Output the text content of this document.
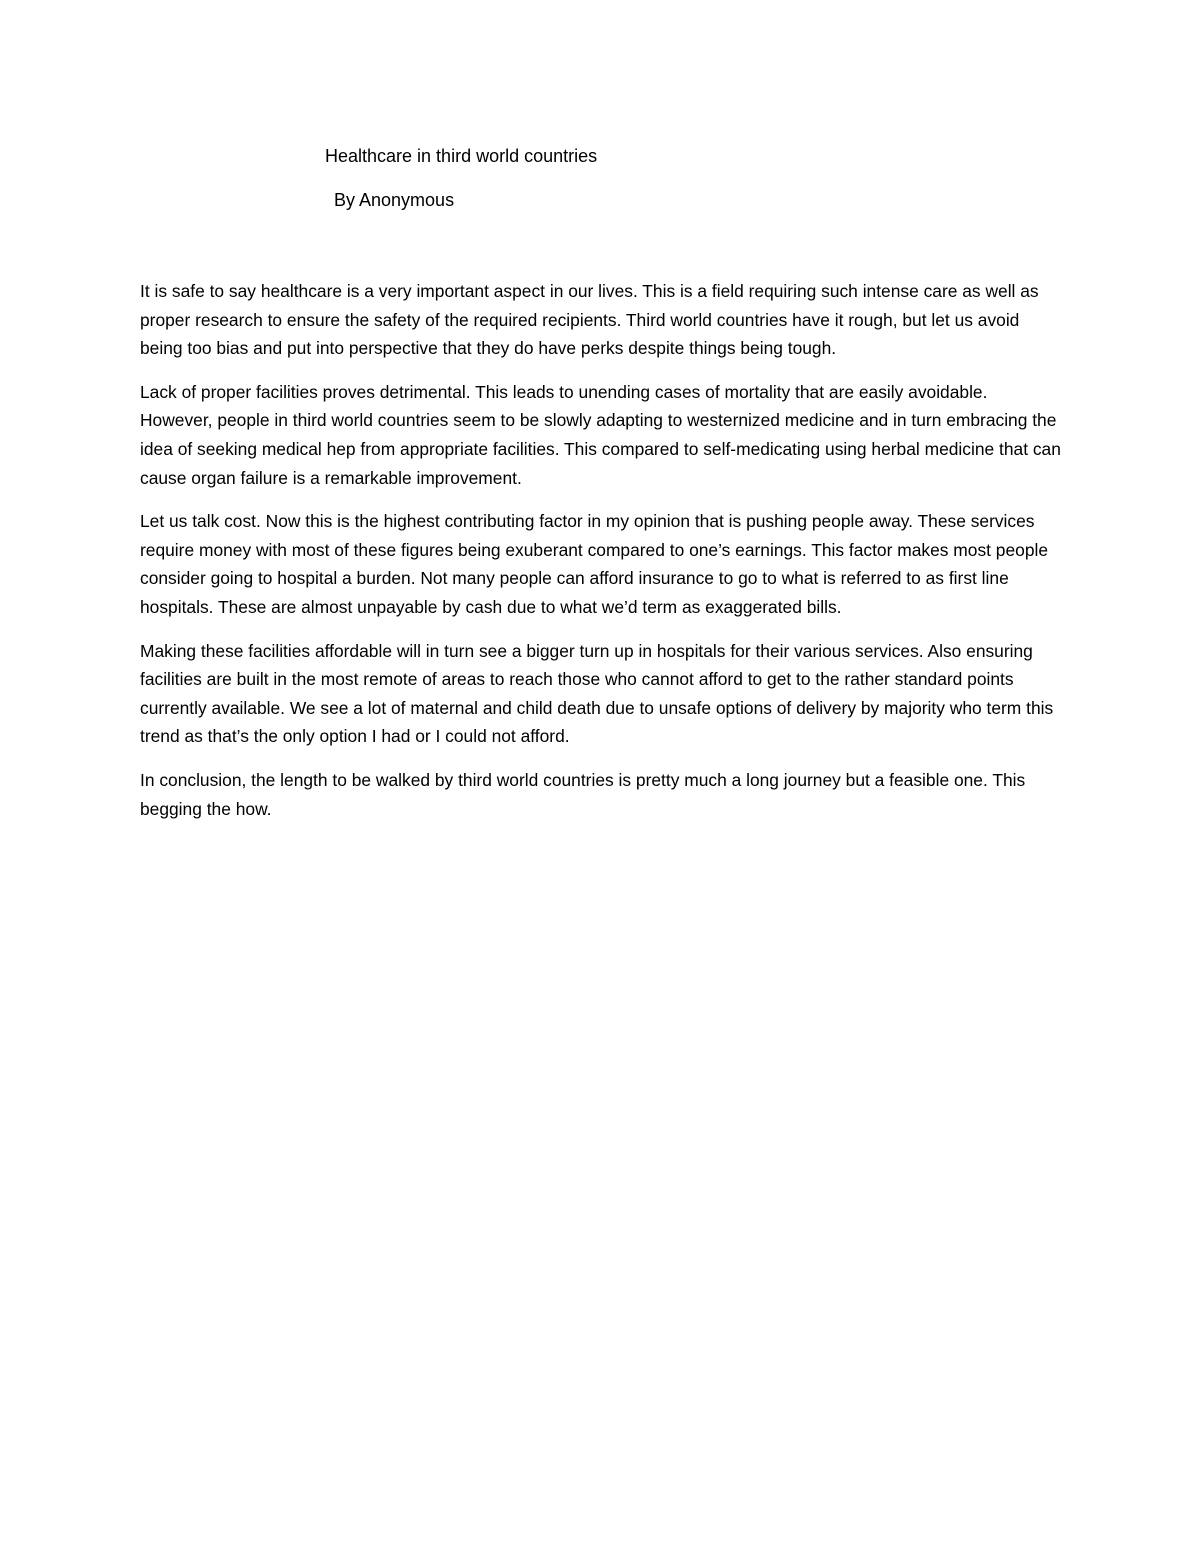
Healthcare in third world countries
By Anonymous

It is safe to say healthcare is a very important aspect in our lives. This is a field requiring such intense care as well as proper research to ensure the safety of the required recipients. Third world countries have it rough, but let us avoid being too bias and put into perspective that they do have perks despite things being tough.

Lack of proper facilities proves detrimental. This leads to unending cases of mortality that are easily avoidable. However, people in third world countries seem to be slowly adapting to westernized medicine and in turn embracing the idea of seeking medical hep from appropriate facilities. This compared to self-medicating using herbal medicine that can cause organ failure is a remarkable improvement.

Let us talk cost. Now this is the highest contributing factor in my opinion that is pushing people away. These services require money with most of these figures being exuberant compared to one’s earnings. This factor makes most people consider going to hospital a burden. Not many people can afford insurance to go to what is referred to as first line hospitals. These are almost unpayable by cash due to what we’d term as exaggerated bills.

Making these facilities affordable will in turn see a bigger turn up in hospitals for their various services. Also ensuring facilities are built in the most remote of areas to reach those who cannot afford to get to the rather standard points currently available. We see a lot of maternal and child death due to unsafe options of delivery by majority who term this trend as that’s the only option I had or I could not afford.

In conclusion, the length to be walked by third world countries is pretty much a long journey but a feasible one. This begging the how.
